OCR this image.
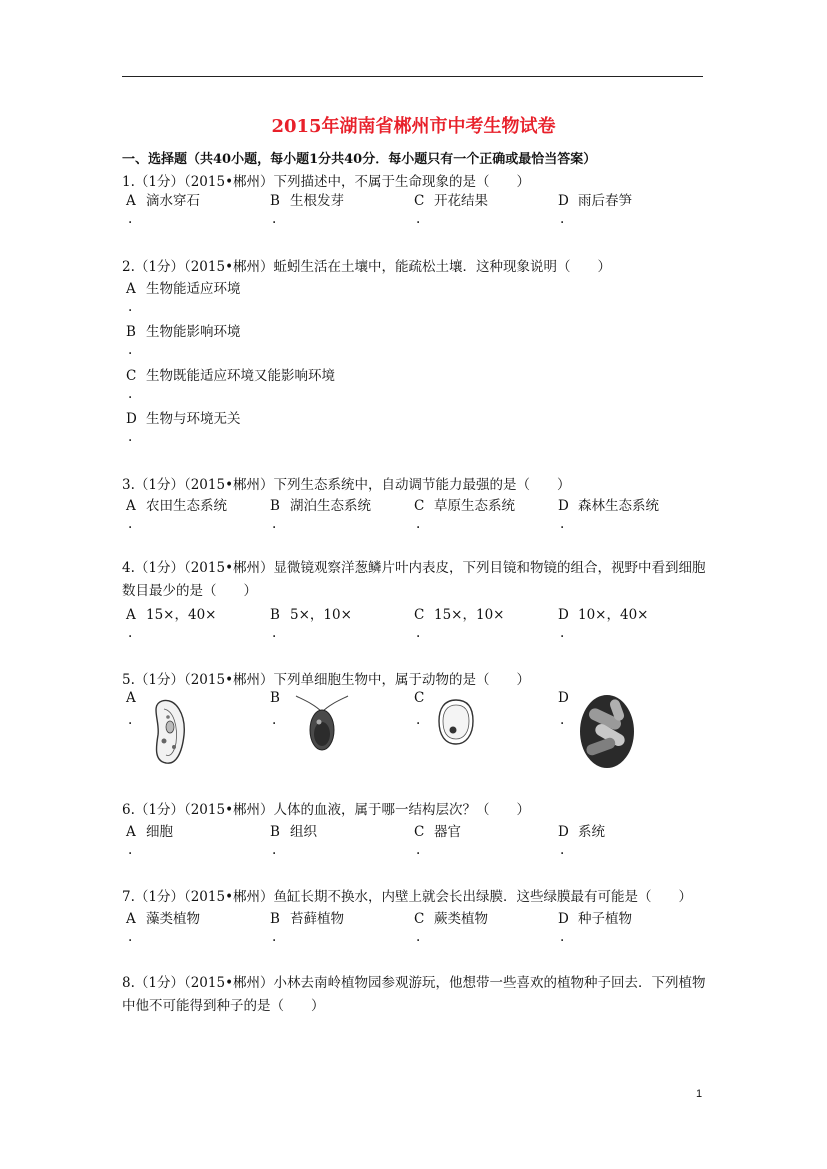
2015年湖南省郴州市中考生物试卷
一、选择题（共40小题，每小题1分共40分．每小题只有一个正确或最恰当答案）
1.（1分）（2015•郴州）下列描述中，不属于生命现象的是（　　）
A 滴水穿石	B 生根发芽	C 开花结果	D 雨后春笋
.	.	.	.
2.（1分）（2015•郴州）蚯蚓生活在土壤中，能疏松土壤．这种现象说明（　　）
A 生物能适应环境
.
B 生物能影响环境
.
C 生物既能适应环境又能影响环境
.
D 生物与环境无关
.
3.（1分）（2015•郴州）下列生态系统中，自动调节能力最强的是（　　）
A 农田生态系统	B 湖泊生态系统	C 草原生态系统	D 森林生态系统
.	.	.	.
4.（1分）（2015•郴州）显微镜观察洋葱鳞片叶内表皮，下列目镜和物镜的组合，视野中看到细胞数目最少的是（　　）
A 15×，40×	B 5×，10×	C 15×，10×	D 10×，40×
.	.	.	.
5.（1分）（2015•郴州）下列单细胞生物中，属于动物的是（　　）
A	B	C	D
.	.	.	.
6.（1分）（2015•郴州）人体的血液，属于哪一结构层次？（　　）
A 细胞	B 组织	C 器官	D 系统
.	.	.	.
7.（1分）（2015•郴州）鱼缸长期不换水，内壁上就会长出绿膜．这些绿膜最有可能是（　　）
A 藻类植物	B 苔藓植物	C 蕨类植物	D 种子植物
.	.	.	.
8.（1分）（2015•郴州）小林去南岭植物园参观游玩，他想带一些喜欢的植物种子回去．下列植物中他不可能得到种子的是（　　）
1
